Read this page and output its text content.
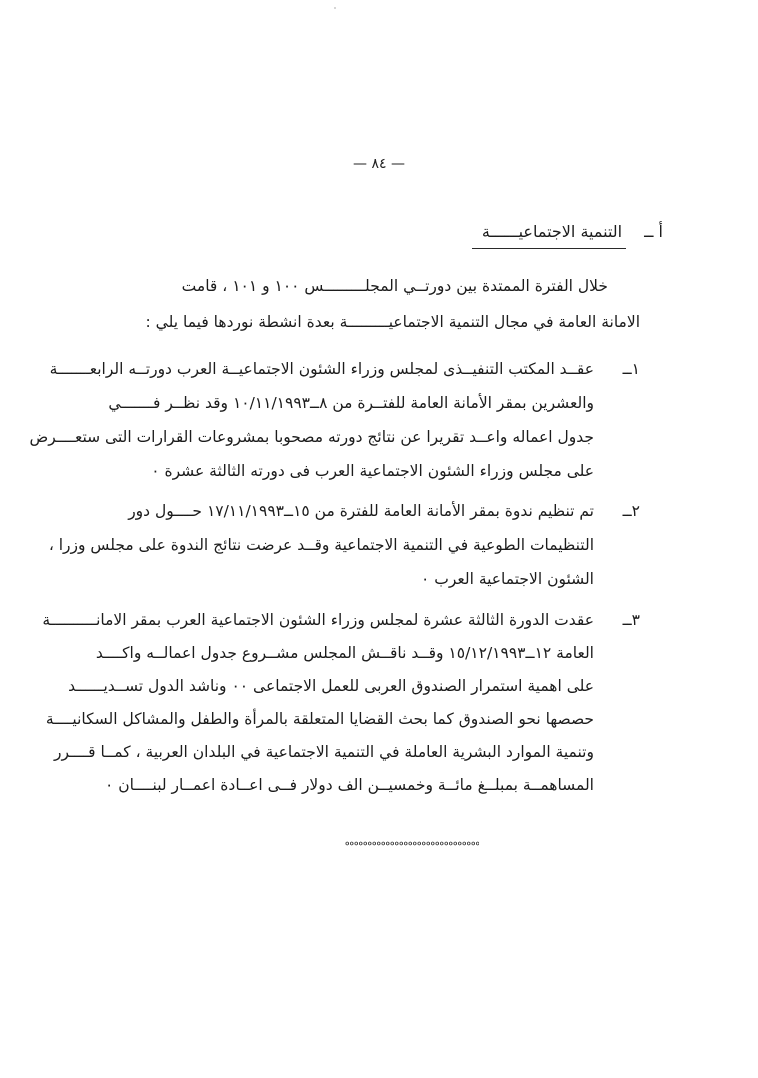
— ٨٤ —
أ ــ
التنمية الاجتماعيــــــة
خلال الفترة الممتدة بين دورتــي المجلـــــــــس ١٠٠ و ١٠١ ، قامت
الامانة العامة في مجال التنمية الاجتماعيـــــــــة بعدة انشطة نوردها فيما يلي :
١ــ
عقــد المكتب التنفيــذى لمجلس وزراء الشئون الاجتماعيــة العرب دورتــه الرابعـــــــة
والعشرين بمقر الأمانة العامة للفتــرة من ٨ــ١٠/١١/١٩٩٣ وقد نظــر فـــــــي
جدول اعماله واعــد تقريرا عن نتائج دورته مصحوبا بمشروعات القرارات التى ستعــــرض
على مجلس وزراء الشئون الاجتماعية العرب فى دورته الثالثة عشرة ٠
٢ــ
تم تنظيم ندوة بمقر الأمانة العامة للفترة من ١٥ــ١٧/١١/١٩٩٣ حــــول دور
التنظيمات الطوعية في التنمية الاجتماعية وقــد عرضت نتائج الندوة على مجلس وزرا ،
الشئون الاجتماعية العرب ٠
٣ــ
عقدت الدورة الثالثة عشرة لمجلس وزراء الشئون الاجتماعية العرب بمقر الامانــــــــــة
العامة ١٢ــ١٥/١٢/١٩٩٣ وقــد ناقــش المجلس مشــروع جدول اعمالــه واكــــد
على اهمية استمرار الصندوق العربى للعمل الاجتماعى ٠٠ وناشد الدول تســديــــــد
حصصها نحو الصندوق كما بحث القضايا المتعلقة بالمرأة والطفل والمشاكل السكانيــــة
وتنمية الموارد البشرية العاملة في التنمية الاجتماعية في البلدان العربية ، كمــا قــــرر
المساهمــة بمبلــغ مائــة وخمسيــن الف دولار فــى اعــادة اعمــار لبنــــان ٠
